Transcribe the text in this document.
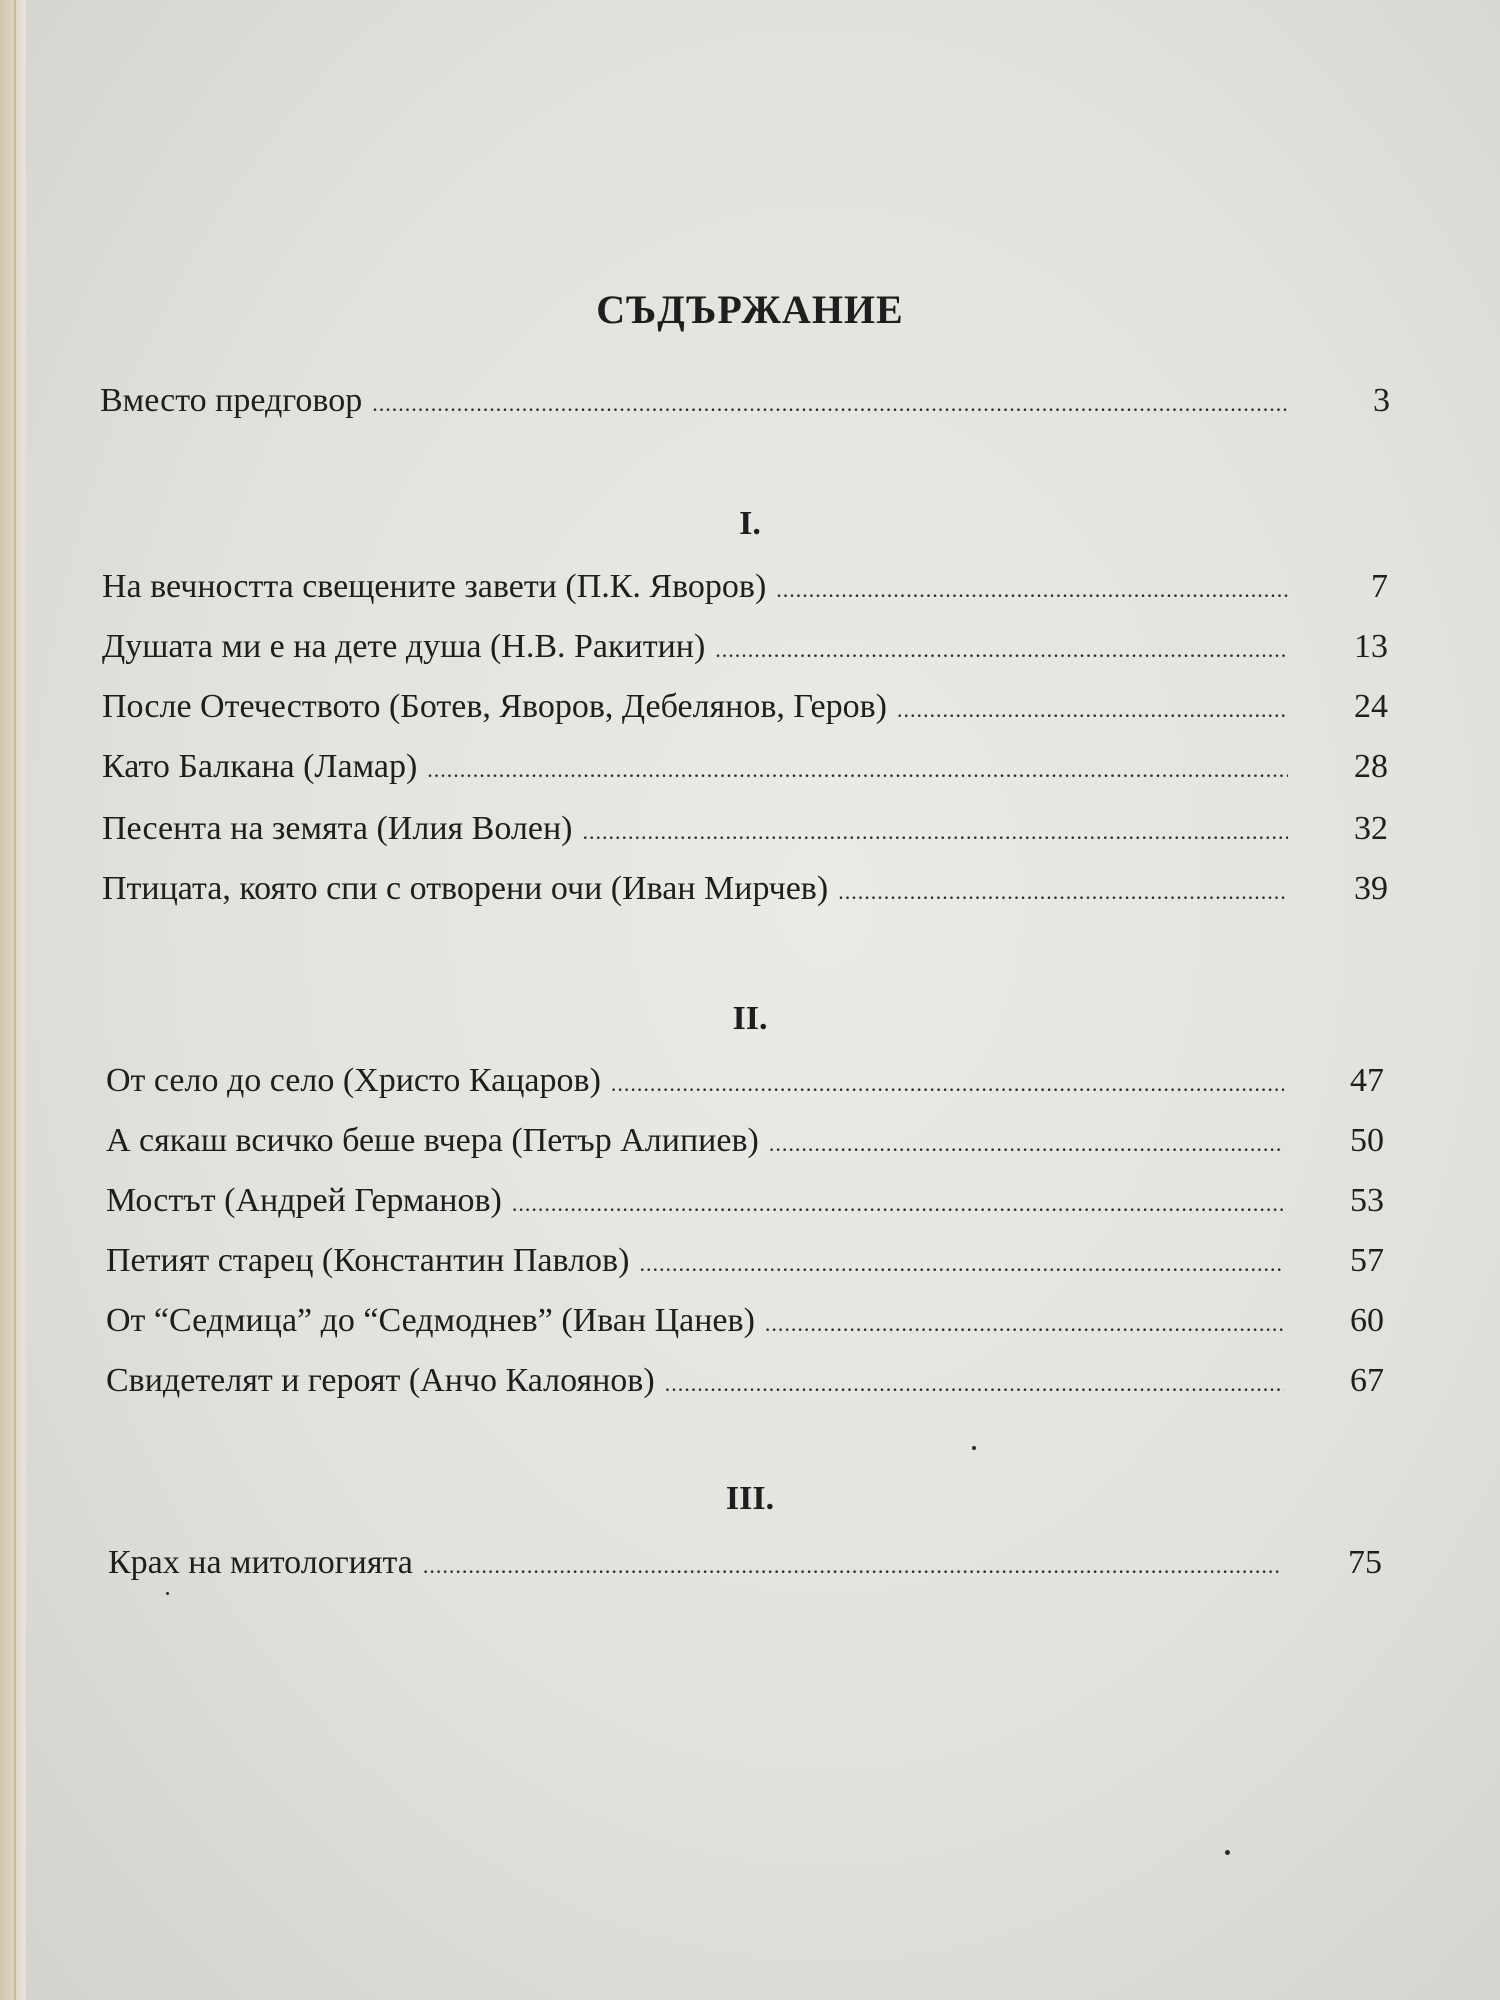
СЪДЪРЖАНИЕ
Вместо предговор .....	3
I.
На вечността свещените завети (П.К. Яворов) .....	7
Душата ми е на дете душа (Н.В. Ракитин) .....	13
После Отечеството (Ботев, Яворов, Дебелянов, Геров) .....	24
Като Балкана (Ламар) .....	28
Песента на земята (Илия Волен) .....	32
Птицата, която спи с отворени очи (Иван Мирчев) .....	39
II.
От село до село (Христо Кацаров) .....	47
А сякаш всичко беше вчера (Петър Алипиев) .....	50
Мостът (Андрей Германов) .....	53
Петият старец (Константин Павлов) .....	57
От “Седмица” до “Седмоднев” (Иван Цанев) .....	60
Свидетелят и героят (Анчо Калоянов) .....	67
III.
Крах на митологията .....	75
